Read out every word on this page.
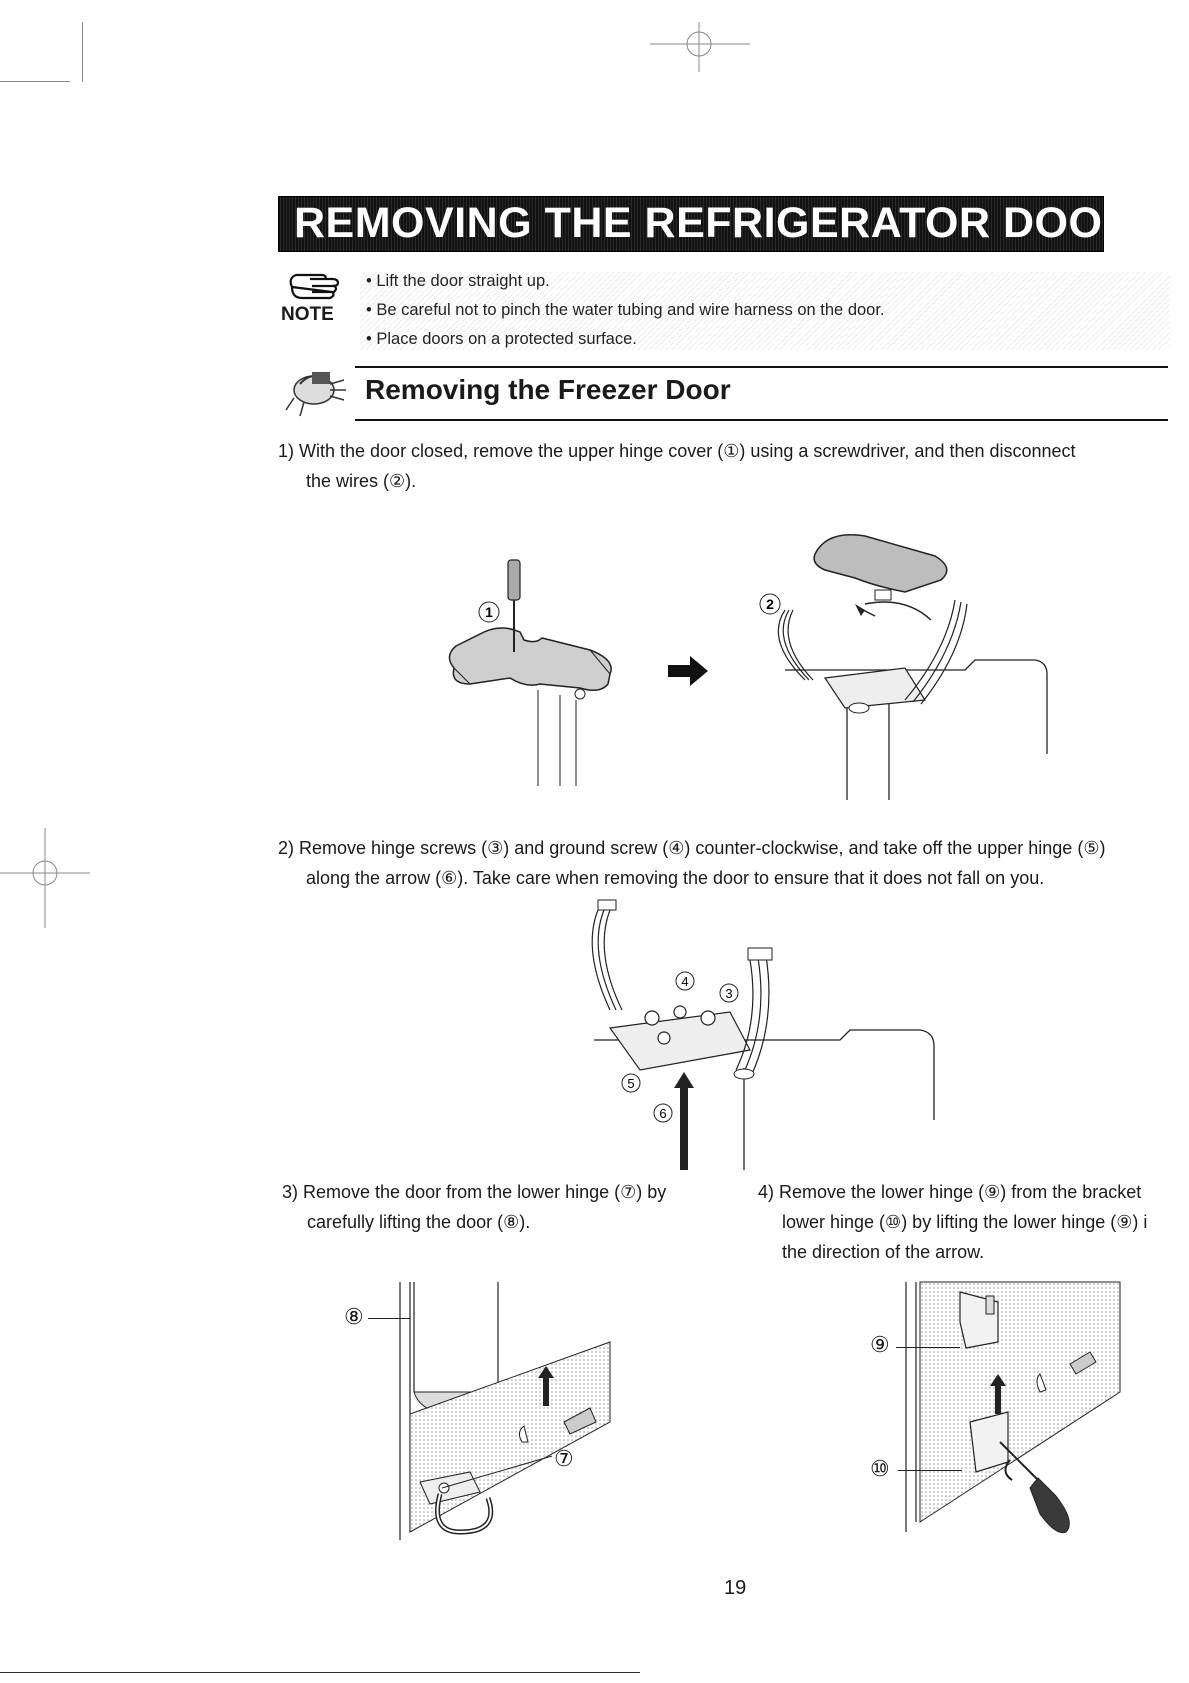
REMOVING THE REFRIGERATOR DOORS
NOTE
• Lift the door straight up.
• Be careful not to pinch the water tubing and wire harness on the door.
• Place doors on a protected surface.
Removing the Freezer Door
1) With the door closed, remove the upper hinge cover (①) using a screwdriver, and then disconnect
the wires (②).
1	2
2) Remove hinge screws (③) and ground screw (④) counter-clockwise, and take off the upper hinge (⑤)
along the arrow (⑥). Take care when removing the door to ensure that it does not fall on you.
4
3
5
6
3) Remove the door from the lower hinge (⑦) by
carefully lifting the door (⑧).
4) Remove the lower hinge (⑨) from the bracket
lower hinge (⑩) by lifting the lower hinge (⑨) i
the direction of the arrow.
⑧
⑦
⑨
⑩
19
